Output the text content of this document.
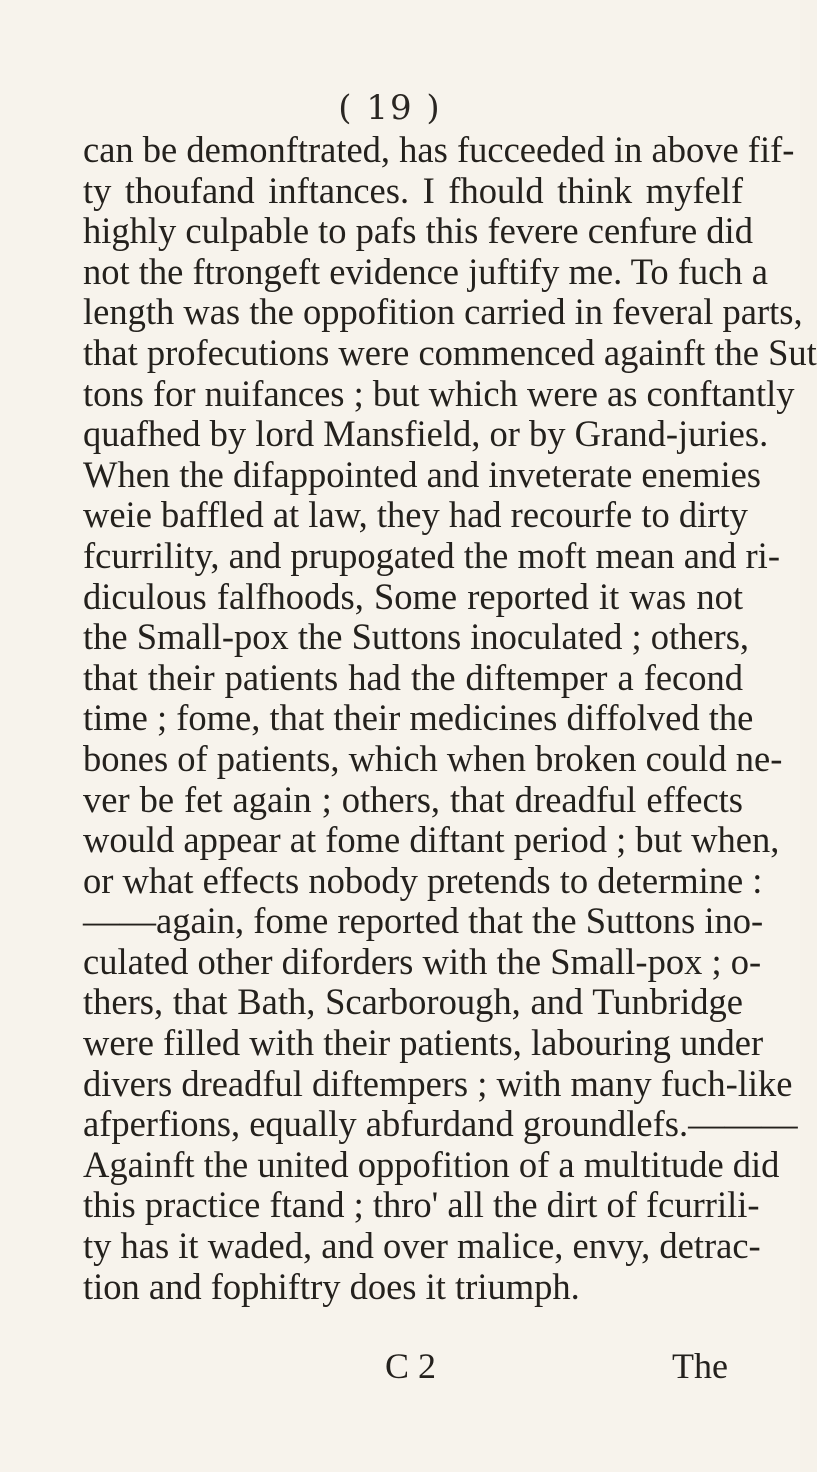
( 19 )
can be demonftrated, has fucceeded in above fif-
ty thoufand inftances. I fhould think myfelf
highly culpable to pafs this fevere cenfure did
not the ftrongeft evidence juftify me. To fuch a
length was the oppofition carried in feveral parts,
that profecutions were commenced againft the Sut
tons for nuifances ; but which were as conftantly
quafhed by lord Mansfield, or by Grand-juries.
When the difappointed and inveterate enemies
weie baffled at law, they had recourfe to dirty
fcurrility, and prupogated the moft mean and ri-
diculous falfhoods, Some reported it was not
the Small-pox the Suttons inoculated ; others,
that their patients had the diftemper a fecond
time ; fome, that their medicines diffolved the
bones of patients, which when broken could ne-
ver be fet again ; others, that dreadful effects
would appear at fome diftant period ; but when,
or what effects nobody pretends to determine :
——again, fome reported that the Suttons ino-
culated other diforders with the Small-pox ; o-
thers, that Bath, Scarborough, and Tunbridge
were filled with their patients, labouring under
divers dreadful diftempers ; with many fuch-like
afperfions, equally abfurdand groundlefs.———
Againft the united oppofition of a multitude did
this practice ftand ; thro' all the dirt of fcurrili-
ty has it waded, and over malice, envy, detrac-
tion and fophiftry does it triumph.
C 2	The
